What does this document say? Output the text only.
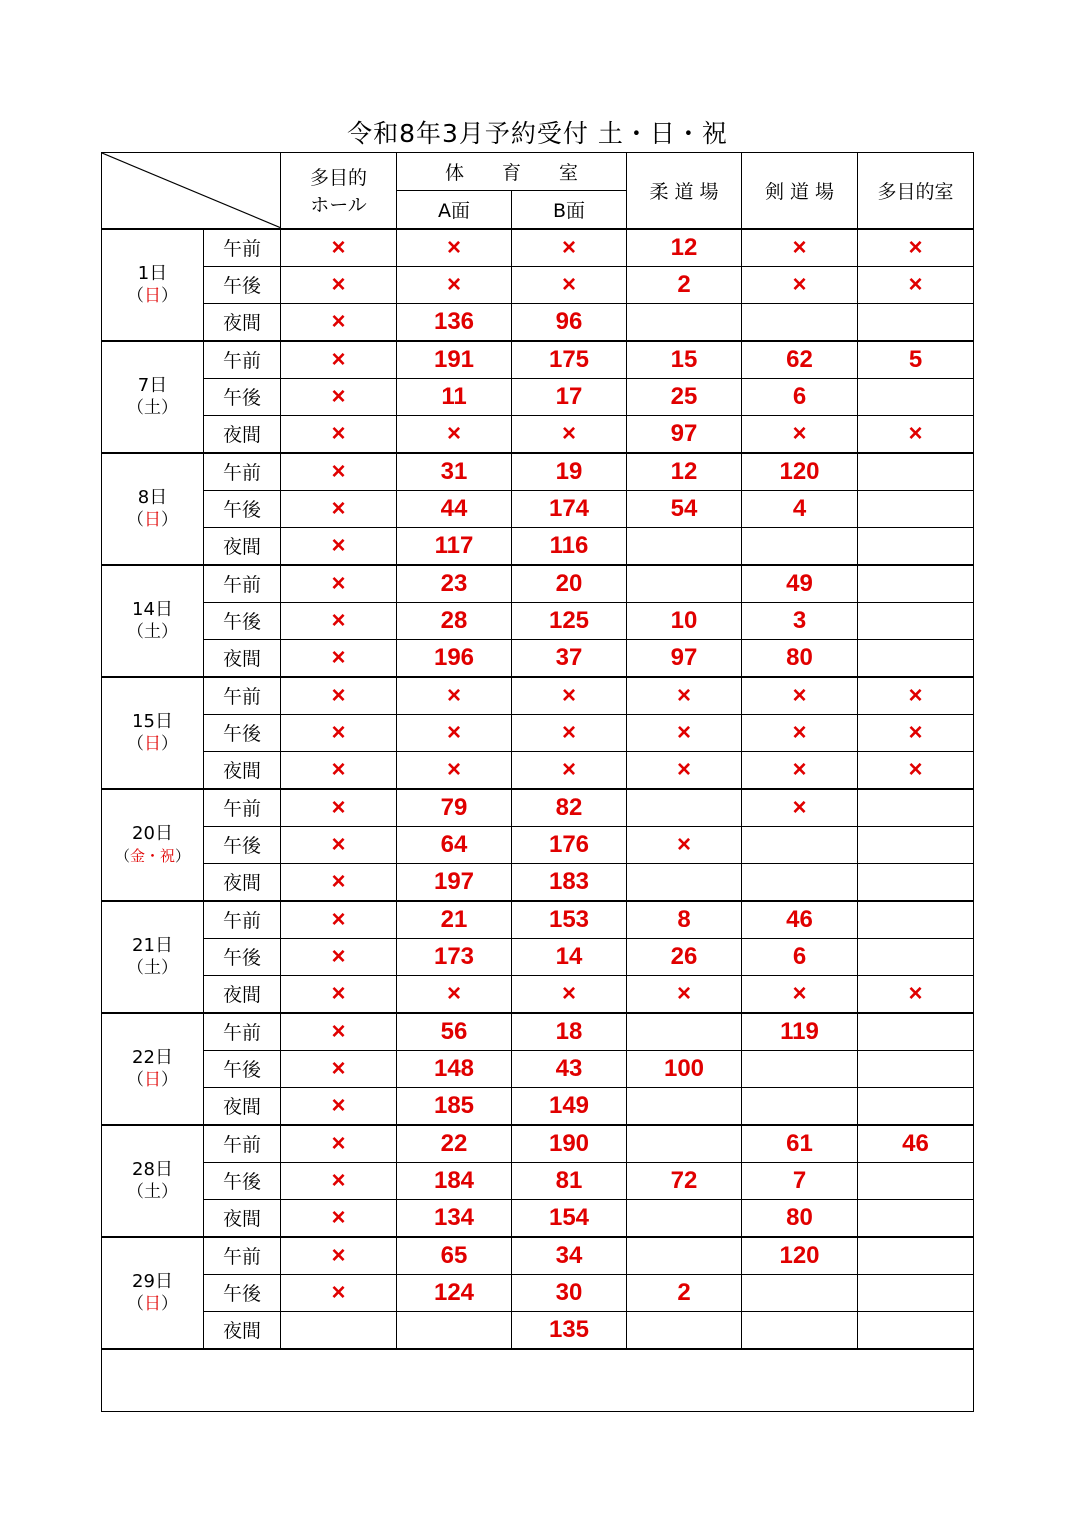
令和8年3月予約受付 土・日・祝

多目的
ホール	体　　育　　室		柔 道 場	剣 道 場	多目的室
			A面	B面			

1日
（日）	午前	×	×	×	12	×	×
	午後	×	×	×	2	×	×
	夜間	×	136	96			

7日
（土）	午前	×	191	175	15	62	5
	午後	×	11	17	25	6	
	夜間	×	×	×	97	×	×

8日
（日）	午前	×	31	19	12	120	
	午後	×	44	174	54	4	
	夜間	×	117	116			

14日
（土）	午前	×	23	20		49	
	午後	×	28	125	10	3	
	夜間	×	196	37	97	80	

15日
（日）	午前	×	×	×	×	×	×
	午後	×	×	×	×	×	×
	夜間	×	×	×	×	×	×

20日
（金・祝）	午前	×	79	82		×	
	午後	×	64	176	×		
	夜間	×	197	183			

21日
（土）	午前	×	21	153	8	46	
	午後	×	173	14	26	6	
	夜間	×	×	×	×	×	×

22日
（日）	午前	×	56	18		119	
	午後	×	148	43	100		
	夜間	×	185	149			

28日
（土）	午前	×	22	190		61	46
	午後	×	184	81	72	7	
	夜間	×	134	154		80	

29日
（日）	午前	×	65	34		120	
	午後	×	124	30	2		
	夜間			135			
